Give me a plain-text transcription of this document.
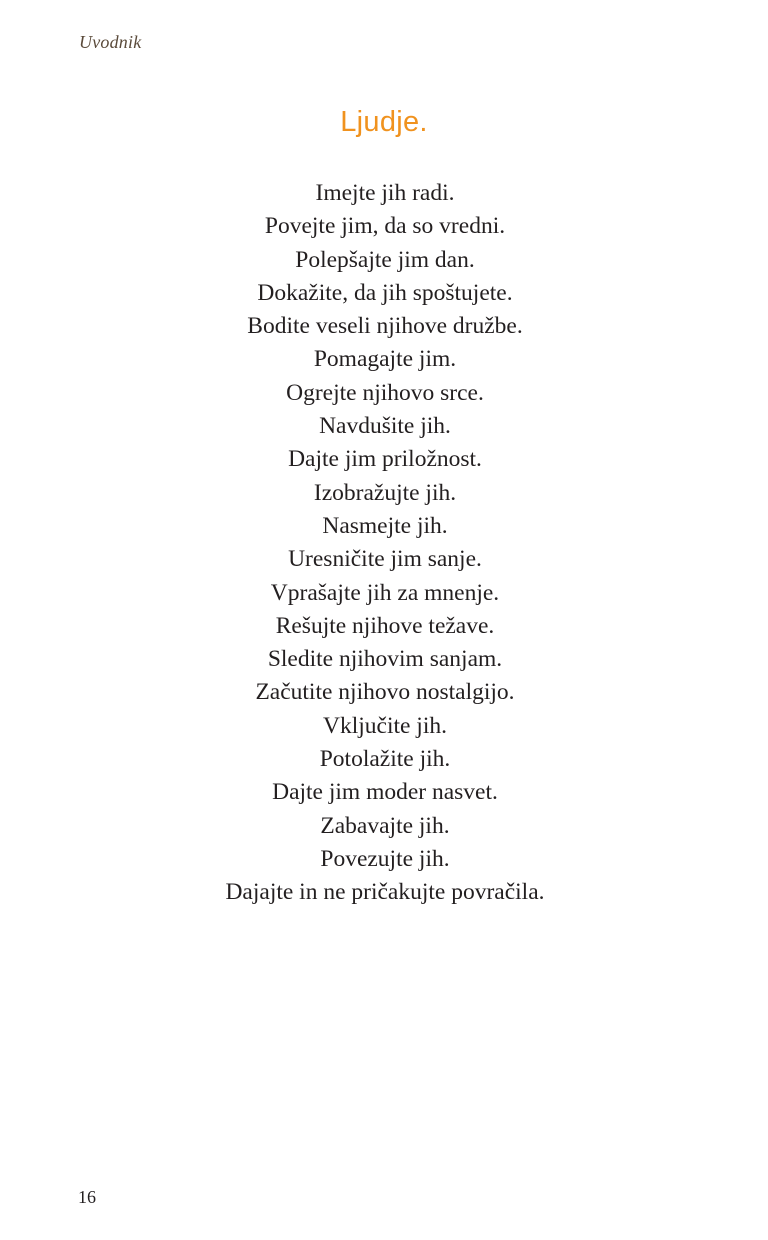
Uvodnik
Ljudje.
Imejte jih radi.
Povejte jim, da so vredni.
Polepšajte jim dan.
Dokažite, da jih spoštujete.
Bodite veseli njihove družbe.
Pomagajte jim.
Ogrejte njihovo srce.
Navdušite jih.
Dajte jim priložnost.
Izobražujte jih.
Nasmejte jih.
Uresničite jim sanje.
Vprašajte jih za mnenje.
Rešujte njihove težave.
Sledite njihovim sanjam.
Začutite njihovo nostalgijo.
Vključite jih.
Potolažite jih.
Dajte jim moder nasvet.
Zabavajte jih.
Povezujte jih.
Dajajte in ne pričakujte povračila.
16
